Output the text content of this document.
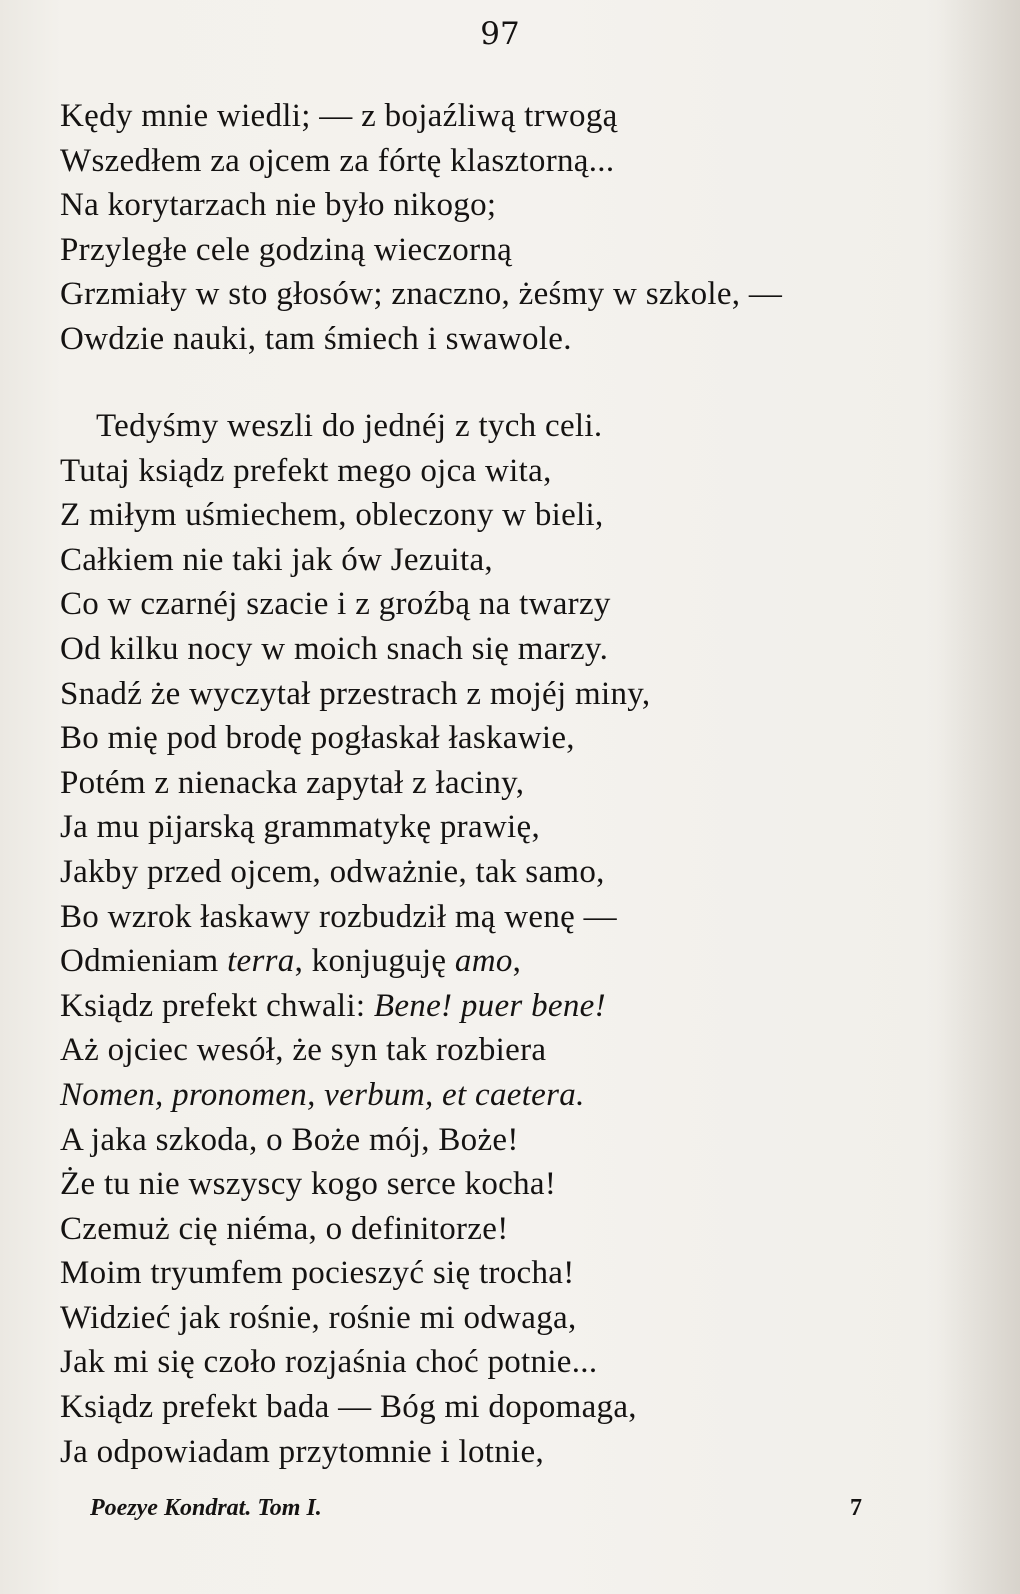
97
Kędy mnie wiedli; — z bojaźliwą trwogą
Wszedłem za ojcem za fórtę klasztorną...
Na korytarzach nie było nikogo;
Przyległe cele godziną wieczorną
Grzmiały w sto głosów; znaczno, żeśmy w szkole, —
Owdzie nauki, tam śmiech i swawole.
Tedyśmy weszli do jednéj z tych celi.
Tutaj ksiądz prefekt mego ojca wita,
Z miłym uśmiechem, obleczony w bieli,
Całkiem nie taki jak ów Jezuita,
Co w czarnéj szacie i z groźbą na twarzy
Od kilku nocy w moich snach się marzy.
Snadź że wyczytał przestrach z mojéj miny,
Bo mię pod brodę pogłaskał łaskawie,
Potém z nienacka zapytał z łaciny,
Ja mu pijarską grammatykę prawię,
Jakby przed ojcem, odważnie, tak samo,
Bo wzrok łaskawy rozbudził mą wenę —
Odmieniam terra, konjuguję amo,
Ksiądz prefekt chwali: Bene! puer bene!
Aż ojciec wesół, że syn tak rozbiera
Nomen, pronomen, verbum, et caetera.
A jaka szkoda, o Boże mój, Boże!
Że tu nie wszyscy kogo serce kocha!
Czemuż cię niéma, o definitorze!
Moim tryumfem pocieszyć się trocha!
Widzieć jak rośnie, rośnie mi odwaga,
Jak mi się czoło rozjaśnia choć potnie...
Ksiądz prefekt bada — Bóg mi dopomaga,
Ja odpowiadam przytomnie i lotnie,
Poezye Kondrat. Tom I.	7
